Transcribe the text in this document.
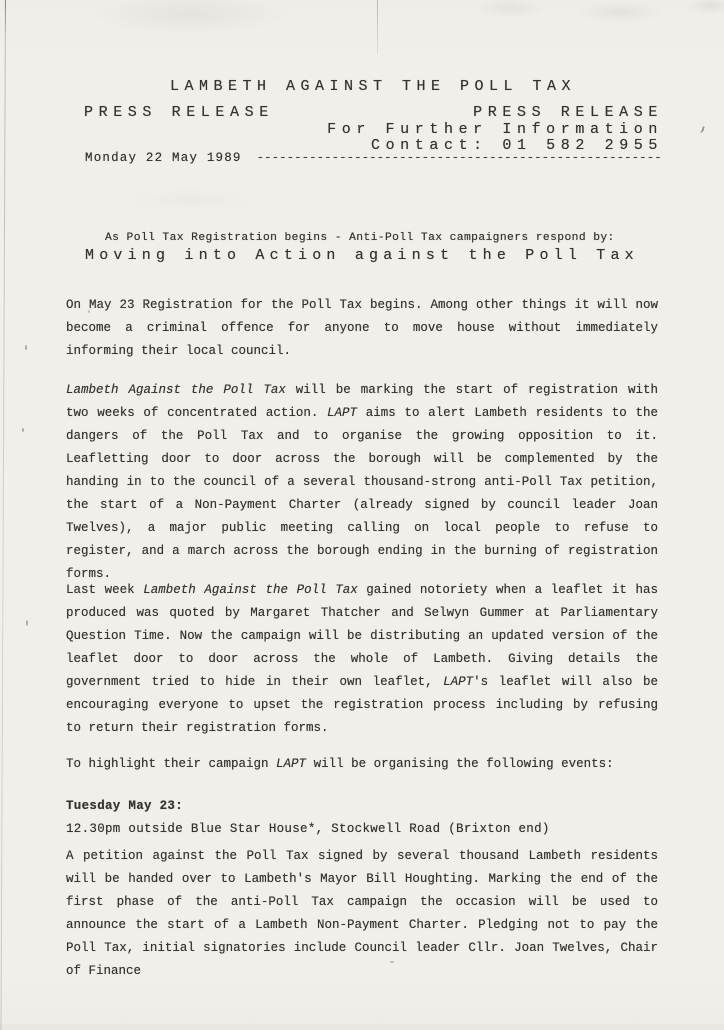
LAMBETH AGAINST THE POLL TAX
PRESS RELEASE	PRESS RELEASE
For Further Information
Contact: 01 582 2955
Monday 22 May 1989 ------------------------------------------------------
As Poll Tax Registration begins - Anti-Poll Tax campaigners respond by:
Moving into Action against the Poll Tax

On May 23 Registration for the Poll Tax begins. Among other things it will now become a criminal offence for anyone to move house without immediately informing their local council.

Lambeth Against the Poll Tax will be marking the start of registration with two weeks of concentrated action. LAPT aims to alert Lambeth residents to the dangers of the Poll Tax and to organise the growing opposition to it. Leafletting door to door across the borough will be complemented by the handing in to the council of a several thousand-strong anti-Poll Tax petition, the start of a Non-Payment Charter (already signed by council leader Joan Twelves), a major public meeting calling on local people to refuse to register, and a march across the borough ending in the burning of registration forms.

Last week Lambeth Against the Poll Tax gained notoriety when a leaflet it has produced was quoted by Margaret Thatcher and Selwyn Gummer at Parliamentary Question Time. Now the campaign will be distributing an updated version of the leaflet door to door across the whole of Lambeth. Giving details the government tried to hide in their own leaflet, LAPT's leaflet will also be encouraging everyone to upset the registration process including by refusing to return their registration forms.

To highlight their campaign LAPT will be organising the following events:

Tuesday May 23:
12.30pm outside Blue Star House*, Stockwell Road (Brixton end)

A petition against the Poll Tax signed by several thousand Lambeth residents will be handed over to Lambeth's Mayor Bill Houghting. Marking the end of the first phase of the anti-Poll Tax campaign the occasion will be used to announce the start of a Lambeth Non-Payment Charter. Pledging not to pay the Poll Tax, initial signatories include Council leader Cllr. Joan Twelves, Chair of Finance
